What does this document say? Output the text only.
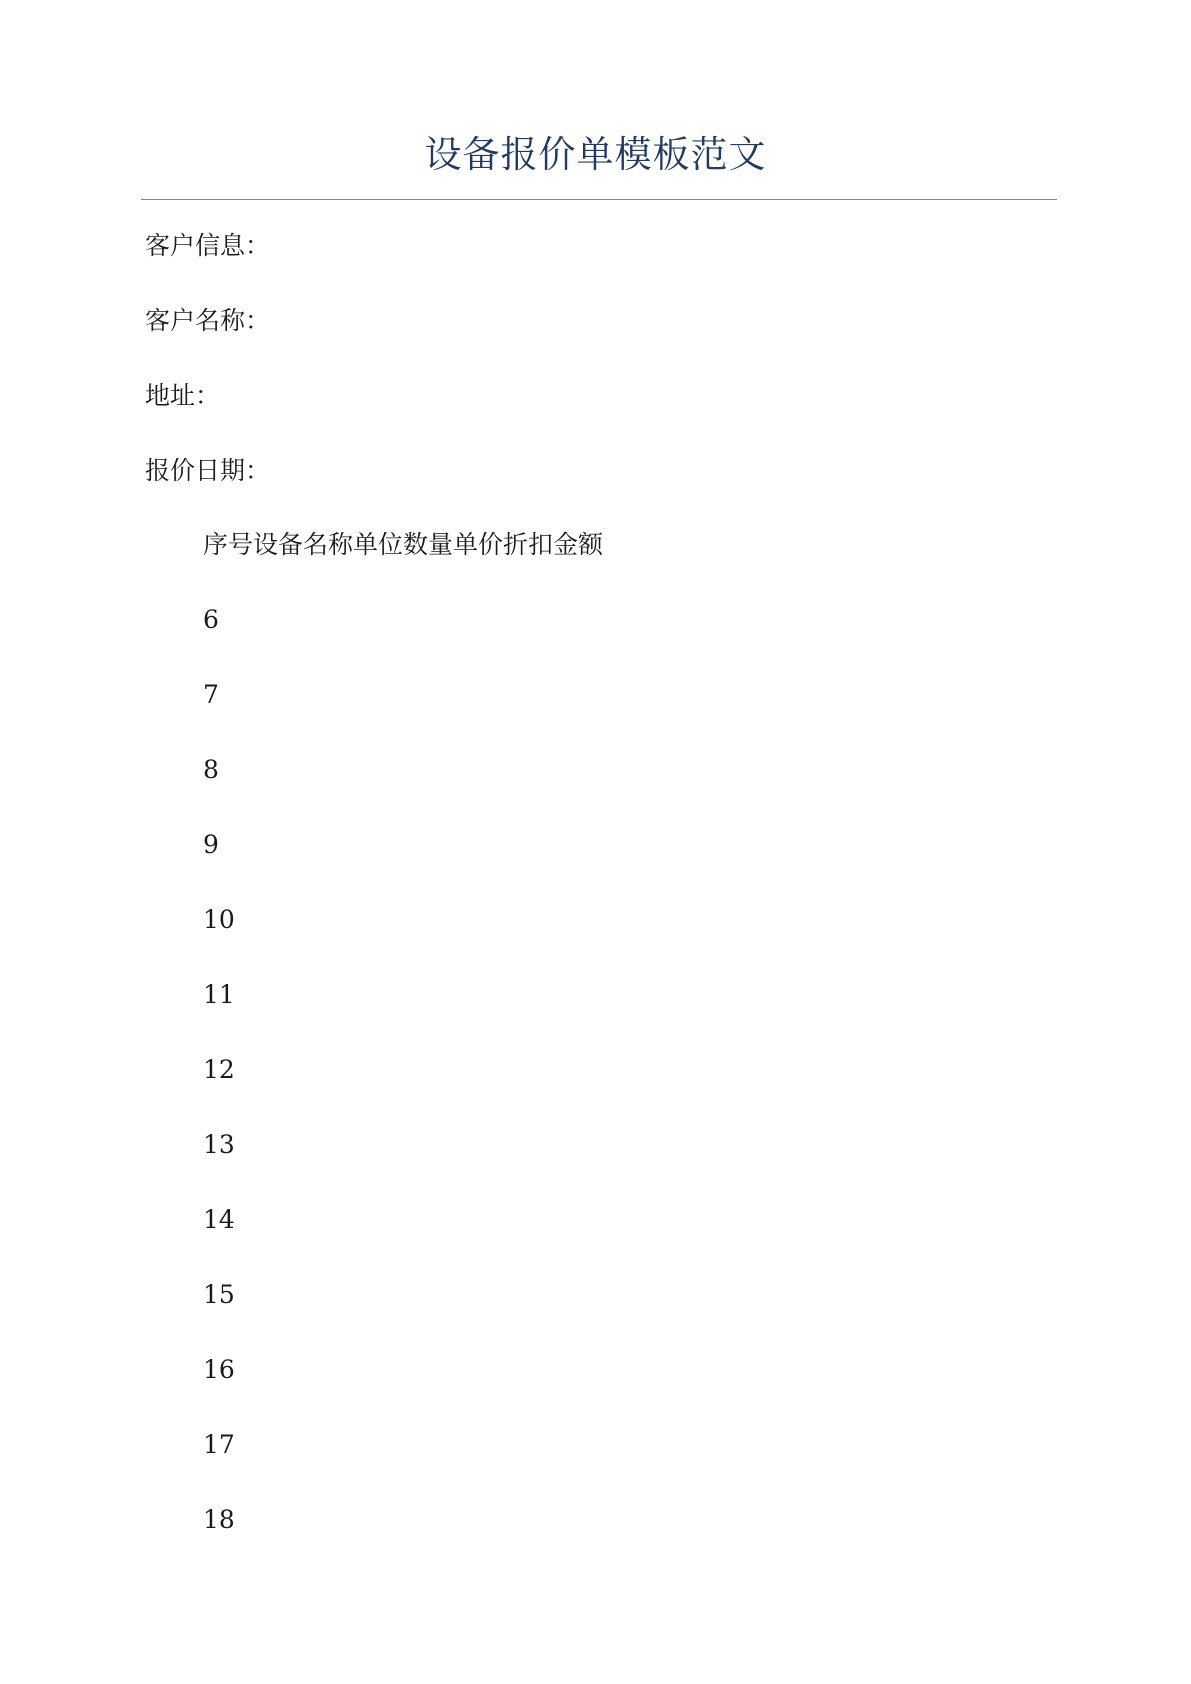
设备报价单模板范文
客户信息：
客户名称：
地址：
报价日期：
序号设备名称单位数量单价折扣金额
6
7
8
9
10
11
12
13
14
15
16
17
18
